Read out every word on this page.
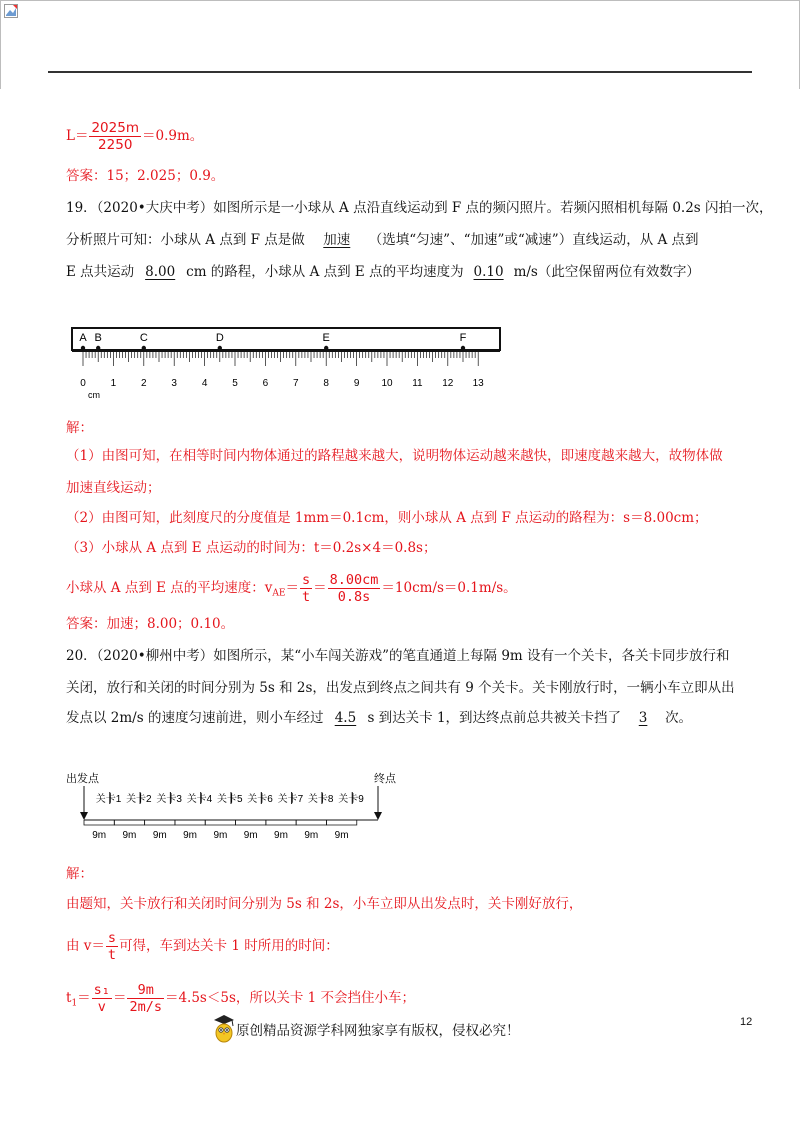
$L= \frac{2025m}{2250} =0.9m$。
答案：15；2.025；0.9。
19．（2020•大庆中考）如图所示是一小球从 A 点沿直线运动到 F 点的频闪照片。若频闪照相机每隔 0.2s 闪拍一次，
分析照片可知：小球从 A 点到 F 点是做 加速 （选填“匀速”、“加速”或“减速”）直线运动，从 A 点到
E 点共运动 8.00 cm 的路程，小球从 A 点到 E 点的平均速度为 0.10 m/s（此空保留两位有效数字）
A B	C	D	E	F
0 1 2 3 4 5 6 7 8 9 10 11 12 13
cm
解：
（1）由图可知，在相等时间内物体通过的路程越来越大，说明物体运动越来越快，即速度越来越大，故物体做
加速直线运动；
（2）由图可知，此刻度尺的分度值是 1mm＝0.1cm，则小球从 A 点到 F 点运动的路程为：s＝8.00cm；
（3）小球从 A 点到 E 点运动的时间为：t＝0.2s×4＝0.8s；
小球从 A 点到 E 点的平均速度：$v_{AE}= \frac{s}{t} = \frac{8.00cm}{0.8s} =10cm/s=0.1m/s$。
答案：加速；8.00；0.10。
20．（2020•柳州中考）如图所示，某“小车闯关游戏”的笔直通道上每隔 9m 设有一个关卡，各关卡同步放行和
关闭，放行和关闭的时间分别为 5s 和 2s，出发点到终点之间共有 9 个关卡。关卡刚放行时，一辆小车立即从出
发点以 2m/s 的速度匀速前进，则小车经过 4.5 s 到达关卡 1，到达终点前总共被关卡挡了 3 次。
出发点	终点
关卡1 关卡2 关卡3 关卡4 关卡5 关卡6 关卡7 关卡8 关卡9
9m 9m 9m 9m 9m 9m 9m 9m 9m
解：
由题知，关卡放行和关闭时间分别为 5s 和 2s，小车立即从出发点时，关卡刚好放行，
由 $v= \frac{s}{t}$ 可得，车到达关卡 1 时所用的时间：
$t_1= \frac{\text{s₁}}{v} = \frac{9m}{2m/s} =4.5s<5s$，所以关卡 1 不会挡住小车；
原创精品资源学科网独家享有版权，侵权必究！
12
